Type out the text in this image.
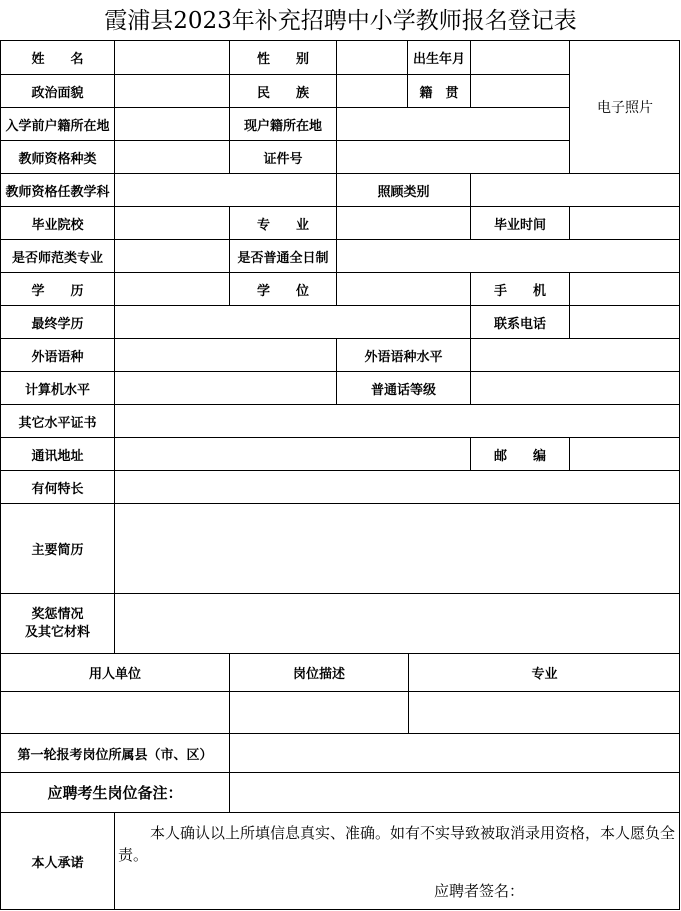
霞浦县2023年补充招聘中小学教师报名登记表
电子照片
姓　　名	性　　别	出生年月
政治面貌	民　　族	籍　贯
入学前户籍所在地	现户籍所在地
教师资格种类	证件号
教师资格任教学科	照顾类别
毕业院校	专　　业	毕业时间
是否师范类专业	是否普通全日制
学　　历	学　　位	手　　机
最终学历	联系电话
外语语种	外语语种水平
计算机水平	普通话等级
其它水平证书
通讯地址	邮　　编
有何特长
主要简历
奖惩情况
及其它材料
用人单位	岗位描述	专业
第一轮报考岗位所属县（市、区）
应聘考生岗位备注：
本人承诺
本人确认以上所填信息真实、准确。如有不实导致被取消录用资格，本人愿负全责。
应聘者签名：
